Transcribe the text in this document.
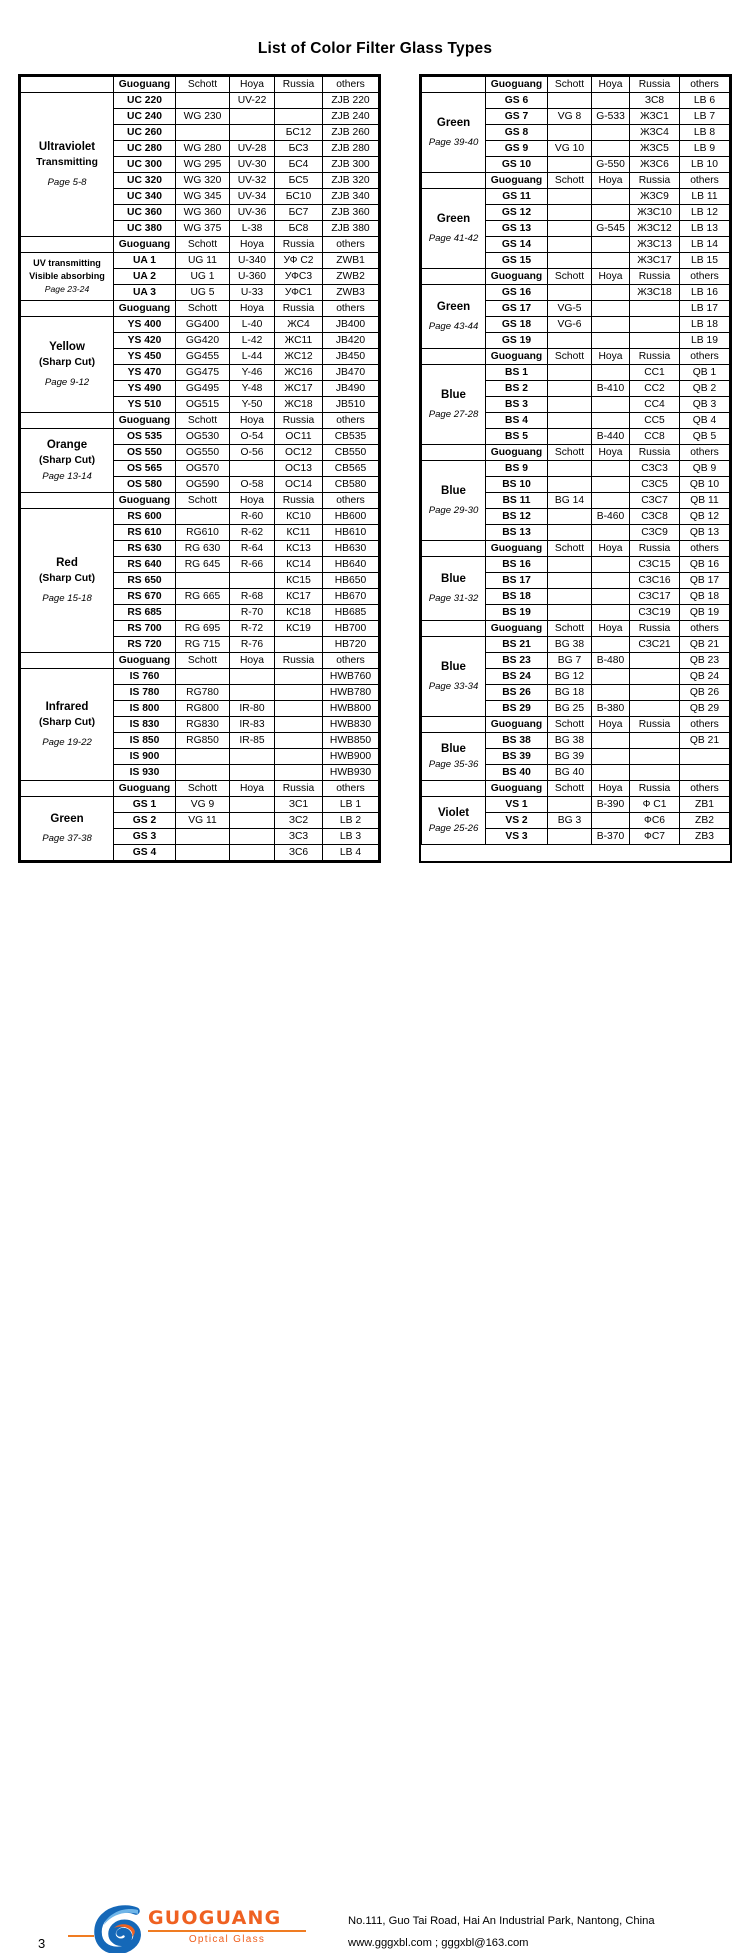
List of Color Filter Glass Types
	Guoguang	Schott	Hoya	Russia	others

Ultraviolet
Transmitting
Page 5-8	UC 220		UV-22		ZJB 220
	UC 240	WG 230			ZJB 240
	UC 260			БС12	ZJB 260
	UC 280	WG 280	UV-28	БС3	ZJB 280
	UC 300	WG 295	UV-30	БС4	ZJB 300
	UC 320	WG 320	UV-32	БС5	ZJB 320
	UC 340	WG 345	UV-34	БС10	ZJB 340
	UC 360	WG 360	UV-36	БС7	ZJB 360
	UC 380	WG 375	L-38	БС8	ZJB 380
	Guoguang	Schott	Hoya	Russia	others

UV transmitting
Visible absorbing
Page 23-24	UA 1	UG 11	U-340	УФ С2	ZWB1
	UA 2	UG 1	U-360	УФС3	ZWB2
	UA 3	UG 5	U-33	УФС1	ZWB3
	Guoguang	Schott	Hoya	Russia	others

Yellow
(Sharp Cut)
Page 9-12	YS 400	GG400	L-40	ЖС4	JB400
	YS 420	GG420	L-42	ЖС11	JB420
	YS 450	GG455	L-44	ЖС12	JB450
	YS 470	GG475	Y-46	ЖС16	JB470
	YS 490	GG495	Y-48	ЖС17	JB490
	YS 510	OG515	Y-50	ЖС18	JB510
	Guoguang	Schott	Hoya	Russia	others

Orange
(Sharp Cut)
Page 13-14	OS 535	OG530	O-54	ОС11	CB535
	OS 550	OG550	O-56	ОС12	CB550
	OS 565	OG570		ОС13	CB565
	OS 580	OG590	O-58	ОС14	CB580
	Guoguang	Schott	Hoya	Russia	others

Red
(Sharp Cut)
Page 15-18	RS 600		R-60	КС10	HB600
	RS 610	RG610	R-62	КС11	HB610
	RS 630	RG 630	R-64	КС13	HB630
	RS 640	RG 645	R-66	КС14	HB640
	RS 650			КС15	HB650
	RS 670	RG 665	R-68	КС17	HB670
	RS 685		R-70	КС18	HB685
	RS 700	RG 695	R-72	КС19	HB700
	RS 720	RG 715	R-76		HB720
	Guoguang	Schott	Hoya	Russia	others

Infrared
(Sharp Cut)
Page 19-22	IS 760				HWB760
	IS 780	RG780			HWB780
	IS 800	RG800	IR-80		HWB800
	IS 830	RG830	IR-83		HWB830
	IS 850	RG850	IR-85		HWB850
	IS 900				HWB900
	IS 930				HWB930
	Guoguang	Schott	Hoya	Russia	others

Green
Page 37-38	GS 1	VG 9		ЗС1	LB 1
	GS 2	VG 11		ЗС2	LB 2
	GS 3			ЗС3	LB 3
	GS 4			ЗС6	LB 4
	Guoguang	Schott	Hoya	Russia	others

Green
Page 39-40	GS 6			ЗС8	LB 6
	GS 7	VG 8	G-533	ЖЗС1	LB 7
	GS 8			ЖЗС4	LB 8
	GS 9	VG 10		ЖЗС5	LB 9
	GS 10		G-550	ЖЗС6	LB 10
	Guoguang	Schott	Hoya	Russia	others

Green
Page 41-42	GS 11			ЖЗС9	LB 11
	GS 12			ЖЗС10	LB 12
	GS 13		G-545	ЖЗС12	LB 13
	GS 14			ЖЗС13	LB 14
	GS 15			ЖЗС17	LB 15
	Guoguang	Schott	Hoya	Russia	others

Green
Page 43-44	GS 16			ЖЗС18	LB 16
	GS 17	VG-5			LB 17
	GS 18	VG-6			LB 18
	GS 19				LB 19
	Guoguang	Schott	Hoya	Russia	others

Blue
Page 27-28	BS 1			СС1	QB 1
	BS 2		B-410	СС2	QB 2
	BS 3			СС4	QB 3
	BS 4			СС5	QB 4
	BS 5		B-440	СС8	QB 5
	Guoguang	Schott	Hoya	Russia	others

Blue
Page 29-30	BS 9			СЗС3	QB 9
	BS 10			СЗС5	QB 10
	BS 11	BG 14		СЗС7	QB 11
	BS 12		B-460	СЗС8	QB 12
	BS 13			СЗС9	QB 13
	Guoguang	Schott	Hoya	Russia	others

Blue
Page 31-32	BS 16			СЗС15	QB 16
	BS 17			СЗС16	QB 17
	BS 18			СЗС17	QB 18
	BS 19			СЗС19	QB 19
	Guoguang	Schott	Hoya	Russia	others

Blue
Page 33-34	BS 21	BG 38		СЗС21	QB 21
	BS 23	BG 7	B-480		QB 23
	BS 24	BG 12			QB 24
	BS 26	BG 18			QB 26
	BS 29	BG 25	B-380		QB 29
	Guoguang	Schott	Hoya	Russia	others

Blue
Page 35-36	BS 38	BG 38			QB 21
	BS 39	BG 39			
	BS 40	BG 40			
	Guoguang	Schott	Hoya	Russia	others

Violet
Page 25-26	VS 1		B-390	Ф С1	ZB1
	VS 2	BG 3		ФС6	ZB2
	VS 3		B-370	ФС7	ZB3
3
GUOGUANG
Optical Glass
No.111, Guo Tai Road, Hai An Industrial Park, Nantong, China
www.gggxbl.com ; gggxbl@163.com
